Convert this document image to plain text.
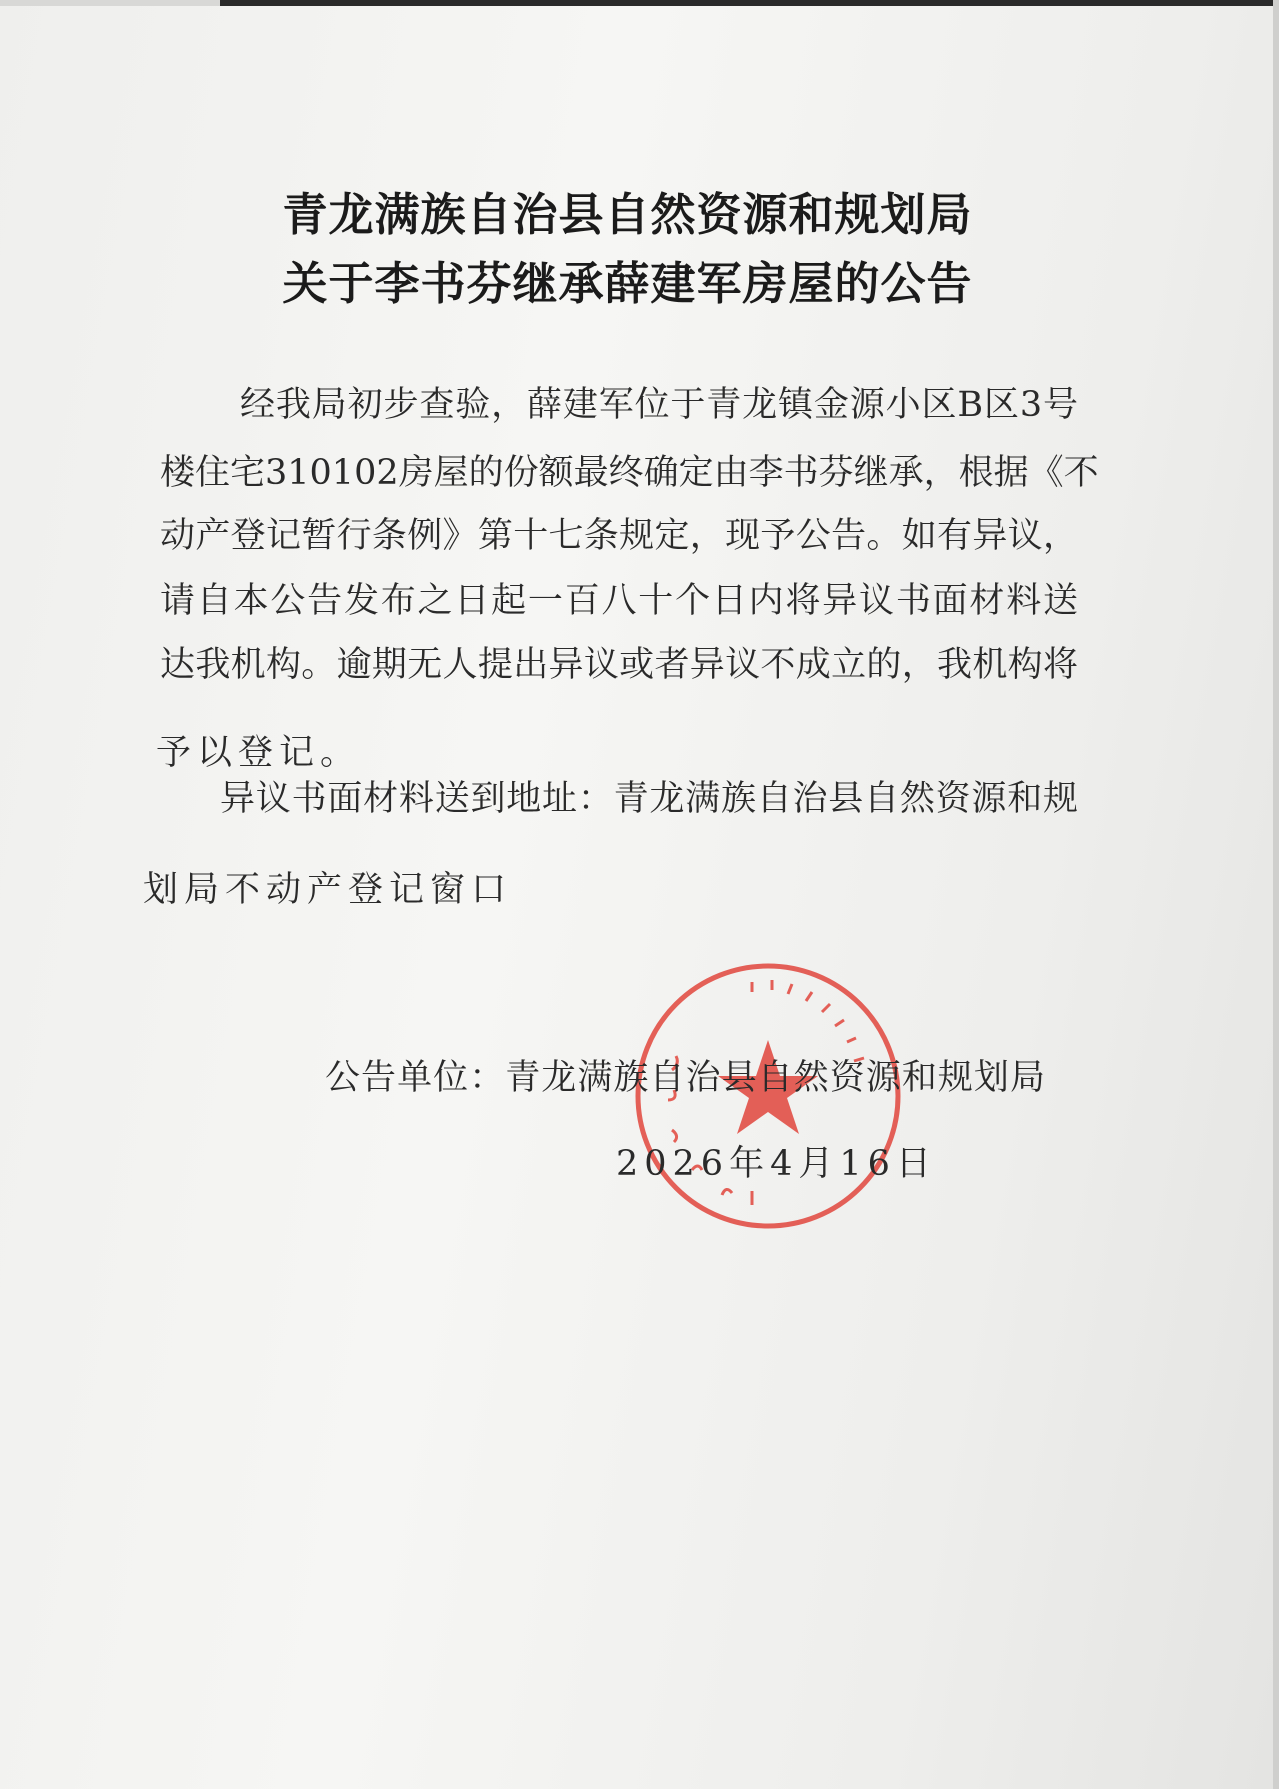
青龙满族自治县自然资源和规划局
关于李书芬继承薛建军房屋的公告
经我局初步查验，薛建军位于青龙镇金源小区B区3号
楼住宅310102房屋的份额最终确定由李书芬继承，根据《不
动产登记暂行条例》第十七条规定，现予公告。如有异议，
请自本公告发布之日起一百八十个日内将异议书面材料送
达我机构。逾期无人提出异议或者异议不成立的，我机构将
予以登记。
异议书面材料送到地址：青龙满族自治县自然资源和规
划局不动产登记窗口
公告单位：青龙满族自治县自然资源和规划局
2026年4月16日
